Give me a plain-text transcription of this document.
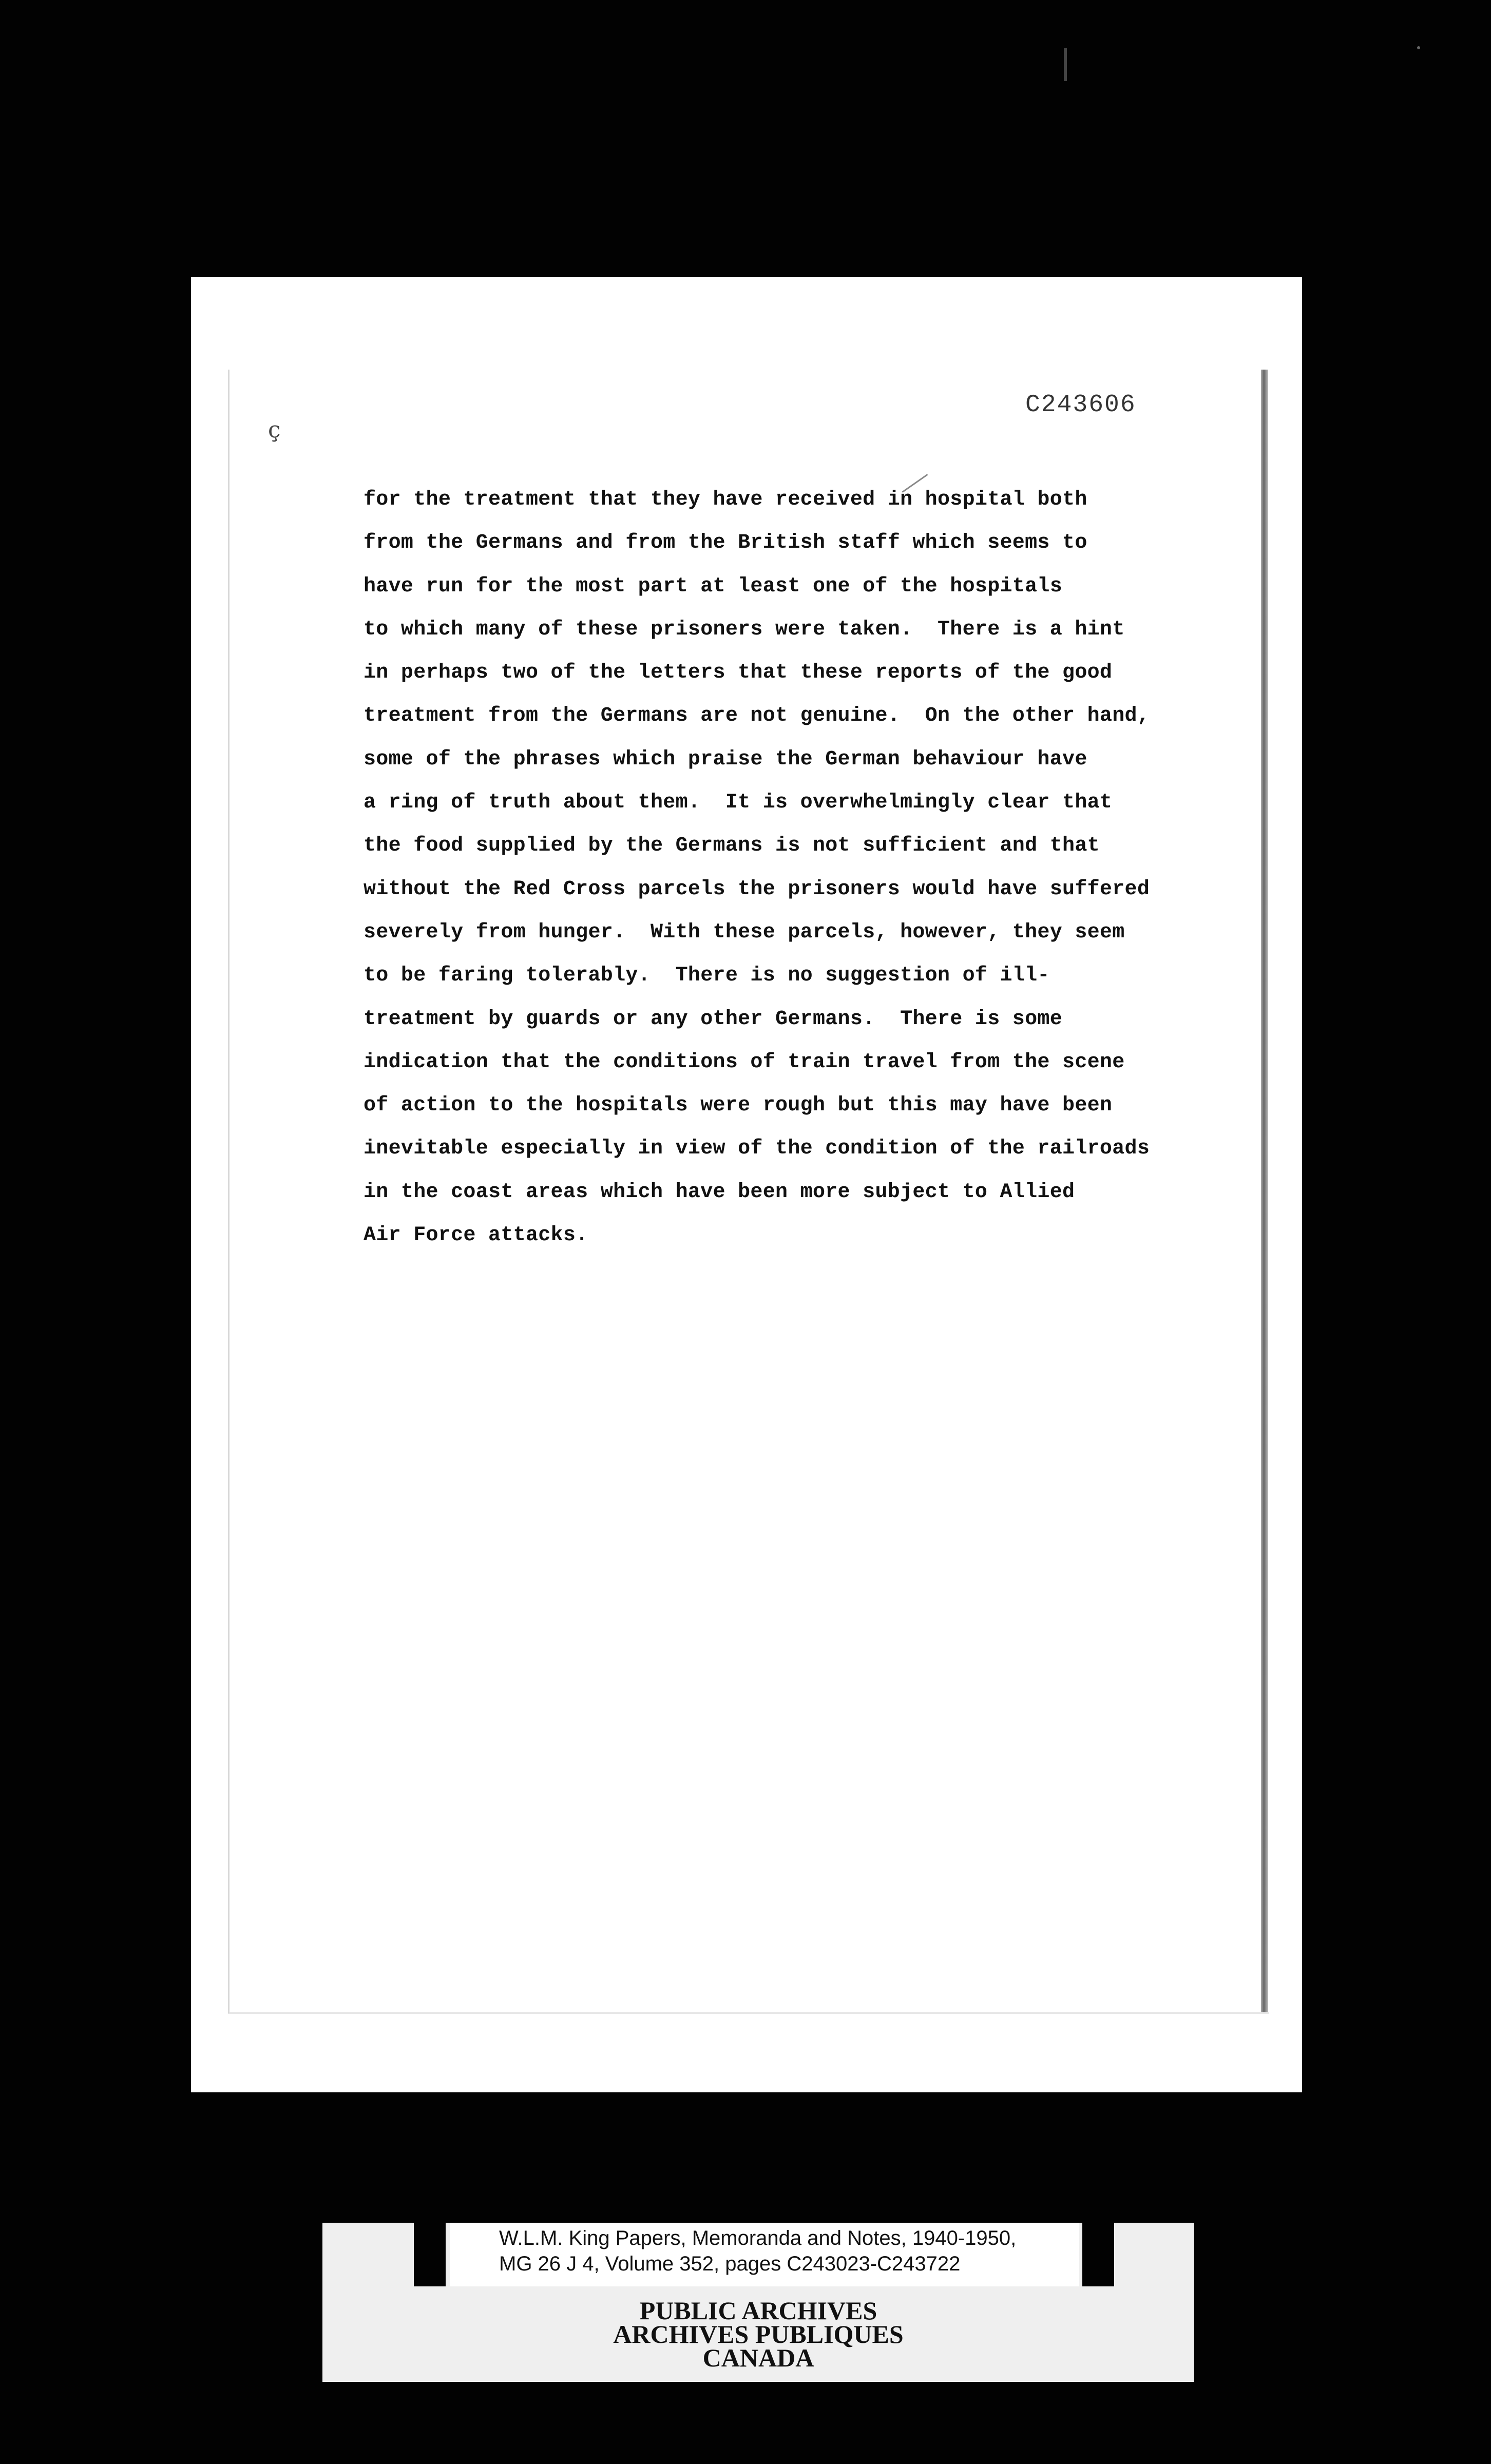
C243606
ç
for the treatment that they have received in hospital both
from the Germans and from the British staff which seems to
have run for the most part at least one of the hospitals
to which many of these prisoners were taken.  There is a hint
in perhaps two of the letters that these reports of the good
treatment from the Germans are not genuine.  On the other hand,
some of the phrases which praise the German behaviour have
a ring of truth about them.  It is overwhelmingly clear that
the food supplied by the Germans is not sufficient and that
without the Red Cross parcels the prisoners would have suffered
severely from hunger.  With these parcels, however, they seem
to be faring tolerably.  There is no suggestion of ill-
treatment by guards or any other Germans.  There is some
indication that the conditions of train travel from the scene
of action to the hospitals were rough but this may have been
inevitable especially in view of the condition of the railroads
in the coast areas which have been more subject to Allied
Air Force attacks.
W.L.M. King Papers, Memoranda and Notes, 1940-1950,
MG 26 J 4, Volume 352, pages C243023-C243722
PUBLIC ARCHIVES
ARCHIVES PUBLIQUES
CANADA
